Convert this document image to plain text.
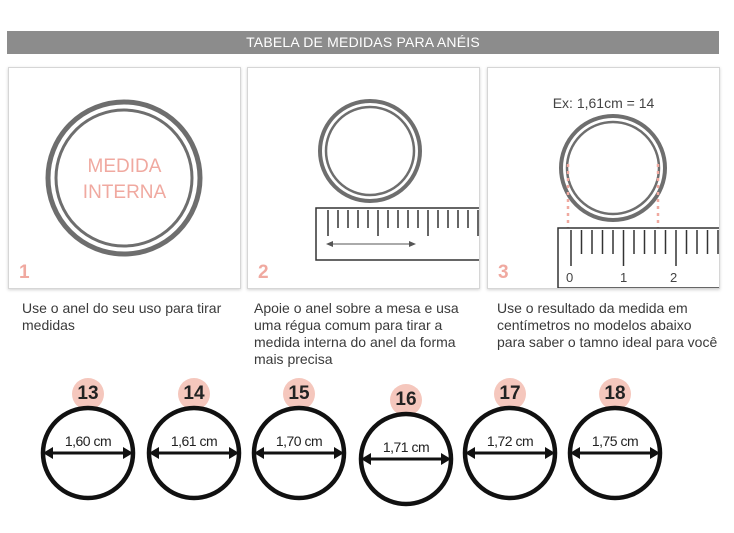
TABELA DE MEDIDAS PARA ANÉIS
MEDIDA
INTERNA
1	2
Ex: 1,61cm = 14
0	1	2
3
Use o anel do seu uso para tirar medidas
Apoie o anel sobre a mesa e usa uma régua comum para tirar a medida interna do anel da forma mais precisa
Use o resultado da medida em centímetros no modelos abaixo para saber o tamno ideal para você
13
1,60 cm
14
1,61 cm
15
1,70 cm
16
1,71 cm
17
1,72 cm
18
1,75 cm
